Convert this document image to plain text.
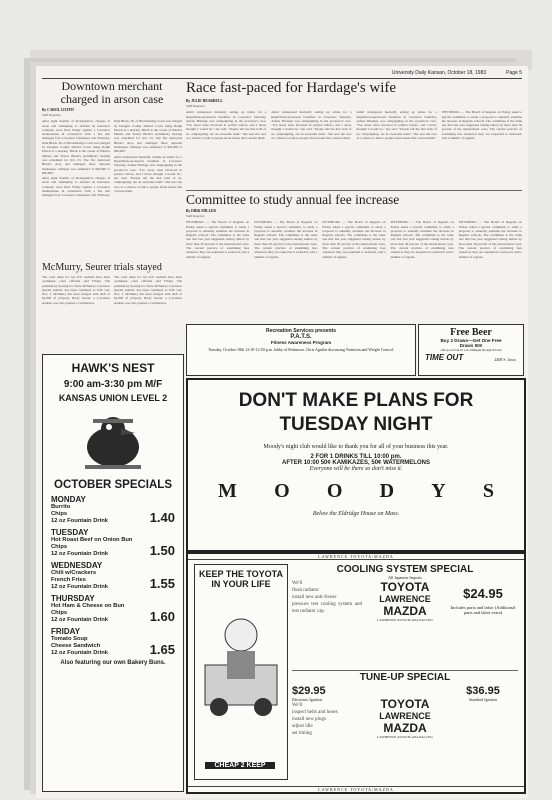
University Daily Kansan, October 18, 1983	Page 5
Downtown merchant charged in arson case
By CAROL LICHTI
Staff Reporter

After eight months of investigation, charges of arson and attempting to defraud an insurance company were filed Friday against a Lawrence businessman in connection with a fire that damaged four Lawrence businesses last February. Dale Black, 36, of Breckinridge Court was charged by Douglas County District Court Judge Ralph Elwell at a hearing. Black is the owner of Black's Marine and Travel. Black's preliminary hearing was scheduled for Oct. 25. The fire destroyed Black's shop and damaged three adjacent businesses. Damage was estimated at $50,000 to $60,000.

After eight months of investigation, charges of arson and attempting to defraud an insurance company were filed Friday against a Lawrence businessman in connection with a fire that damaged four Lawrence businesses last February. Dale Black, 36, of Breckinridge Court was charged by Douglas County District Court Judge Ralph Elwell at a hearing. Black is the owner of Black's Marine and Travel. Black's preliminary hearing was scheduled for Oct. 25. The fire destroyed Black's shop and damaged three adjacent businesses. Damage was estimated at $50,000 to $60,000.

Amid widespread hurriedly setting up tables for a Republican-sponsored breakfast in Lawrence Saturday, Arlene Hardage was campaigning in the governor's race. "I've never been involved in politics before, and I never thought I would be," she said. "People tell me that both of us, campaigning, are an awesome team." She sees the race as a chance to talk to people about issues that concern them.

Race fast-paced for Hardage's wife
By JULIE HEARRELL
Staff Reporter

Amid widespread hurriedly setting up tables for a Republican-sponsored breakfast in Lawrence Saturday, Arlene Hardage was campaigning in the governor's race. "I've never been involved in politics before, and I never thought I would be," she said. "People tell me that both of us, campaigning, are an awesome team." She sees the race as a chance to talk to people about issues that concern them.

Amid widespread hurriedly setting up tables for a Republican-sponsored breakfast in Lawrence Saturday, Arlene Hardage was campaigning in the governor's race. "I've never been involved in politics before, and I never thought I would be," she said. "People tell me that both of us, campaigning, are an awesome team." She sees the race as a chance to talk to people about issues that concern them.

Amid widespread hurriedly setting up tables for a Republican-sponsored breakfast in Lawrence Saturday, Arlene Hardage was campaigning in the governor's race. "I've never been involved in politics before, and I never thought I would be," she said. "People tell me that both of us, campaigning, are an awesome team." She sees the race as a chance to talk to people about issues that concern them.

PITTSBURG — The Board of Regents on Friday asked a special committee to study a proposal to annually examine the increase in Regents schools. The committee is the same one that last year suggested raising tuition by more than 30 percent of the instructional costs. The current practice of examining fees whenever they are requested is awkward, said a number of regents.

Committee to study annual fee increase
By DIRK MILLER
Staff Reporter

PITTSBURG — The Board of Regents on Friday asked a special committee to study a proposal to annually examine the increase in Regents schools. The committee is the same one that last year suggested raising tuition by more than 30 percent of the instructional costs. The current practice of examining fees whenever they are requested is awkward, said a number of regents.

PITTSBURG — The Board of Regents on Friday asked a special committee to study a proposal to annually examine the increase in Regents schools. The committee is the same one that last year suggested raising tuition by more than 30 percent of the instructional costs. The current practice of examining fees whenever they are requested is awkward, said a number of regents.

PITTSBURG — The Board of Regents on Friday asked a special committee to study a proposal to annually examine the increase in Regents schools. The committee is the same one that last year suggested raising tuition by more than 30 percent of the instructional costs. The current practice of examining fees whenever they are requested is awkward, said a number of regents.

PITTSBURG — The Board of Regents on Friday asked a special committee to study a proposal to annually examine the increase in Regents schools. The committee is the same one that last year suggested raising tuition by more than 30 percent of the instructional costs. The current practice of examining fees whenever they are requested is awkward, said a number of regents.

PITTSBURG — The Board of Regents on Friday asked a special committee to study a proposal to annually examine the increase in Regents schools. The committee is the same one that last year suggested raising tuition by more than 30 percent of the instructional costs. The current practice of examining fees whenever they are requested is awkward, said a number of regents.

McMurry, Seurer trials stayed

The court dates for two KU students have been continued, court officials said Friday. The preliminary hearing for Steve McMurry, Lawrence special student, has been continued to 9:30 a.m. Nov. 1. McMurry has been charged with theft of $2,000 of property. Barry Seurer, a Lawrence student, was also granted a continuance.

The court dates for two KU students have been continued, court officials said Friday. The preliminary hearing for Steve McMurry, Lawrence special student, has been continued to 9:30 a.m. Nov. 1. McMurry has been charged with theft of $2,000 of property. Barry Seurer, a Lawrence student, was also granted a continuance.

Recreation Services presents
P.A.T.S.
Fitness Awareness Program
Tuesday, October 18th 12:10-12:50 p.m. lobby of Robinson. Chris Aguilar discussing Nutrition and Weight Control.
Free Beer
Buy 2 Draws—Get One Free
Draws 50¢
offer good from 10 a.m.-Midnight through October
TIME OUT	2408 S. Iowa
HAWK'S NEST
9:00 am-3:30 pm M/F
KANSAS UNION LEVEL 2
OCTOBER SPECIALS
MONDAY
Burrito
Chips
12 oz Fountain Drink	1.40
TUESDAY
Hot Roast Beef on Onion Bun
Chips
12 oz Fountain Drink	1.50
WEDNESDAY
Chili w/Crackers
French Fries
12 oz Fountain Drink	1.55
THURSDAY
Hot Ham & Cheese on Bun
Chips
12 oz Fountain Drink	1.60
FRIDAY
Tomato Soup
Cheese Sandwich
12 oz Fountain Drink	1.65
Also featuring our own Bakery Buns.
DON'T MAKE PLANS FOR
TUESDAY NIGHT
Moody's night club would like to thank you for all of your business this year.
2 FOR 1 DRINKS TILL 10:00 pm.
AFTER 10:00 50¢ KAMIKAZES, 50¢ WATERMELONS
Everyone will be there so don't miss it.
M O O D Y S
Below the Eldridge House on Mass.
LAWRENCE TOYOTA/MAZDA
KEEP THE TOYOTA IN YOUR LIFE
CHEAP 2 KEEP
COOLING SYSTEM SPECIAL
All Japanese Imports
We'll
flush radiator
install new anti-freeze
pressure test cooling system and test radiator cap
TOYOTA
LAWRENCE
MAZDA
LAWRENCE AUTO PLAZA 842-2191
$24.95
Includes parts and labor (Additional parts and labor extra)
TUNE-UP SPECIAL
$29.95
Electronic Ignition
We'll
inspect belts and hoses
install new plugs
adjust idle
set timing
TOYOTA
LAWRENCE
MAZDA
LAWRENCE AUTO PLAZA 842-2191
$36.95
Standard Ignition
LAWRENCE TOYOTA/MAZDA
